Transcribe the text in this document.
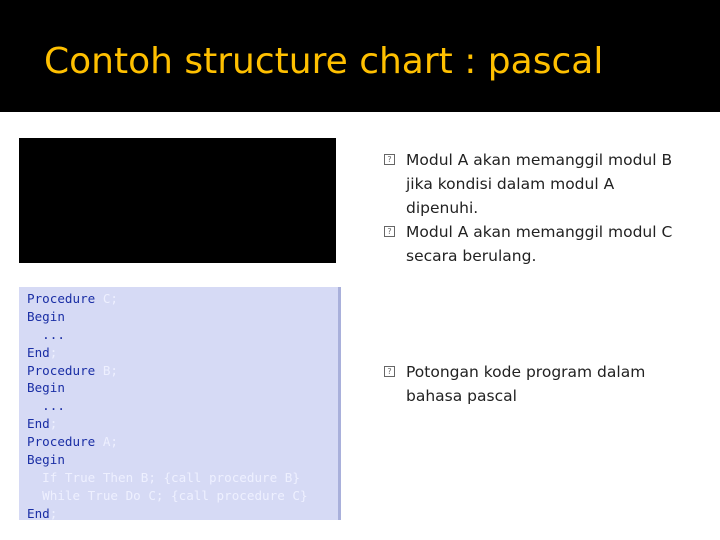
Contoh structure chart : pascal
Procedure C;
Begin
...
End;
Procedure B;
Begin
...
End;
Procedure A;
Begin
If True Then B; {call procedure B}
While True Do C; {call procedure C}
End;
? Modul A akan memanggil modul B jika kondisi dalam modul A dipenuhi.
? Modul A akan memanggil modul C secara berulang.
? Potongan kode program dalam bahasa pascal
